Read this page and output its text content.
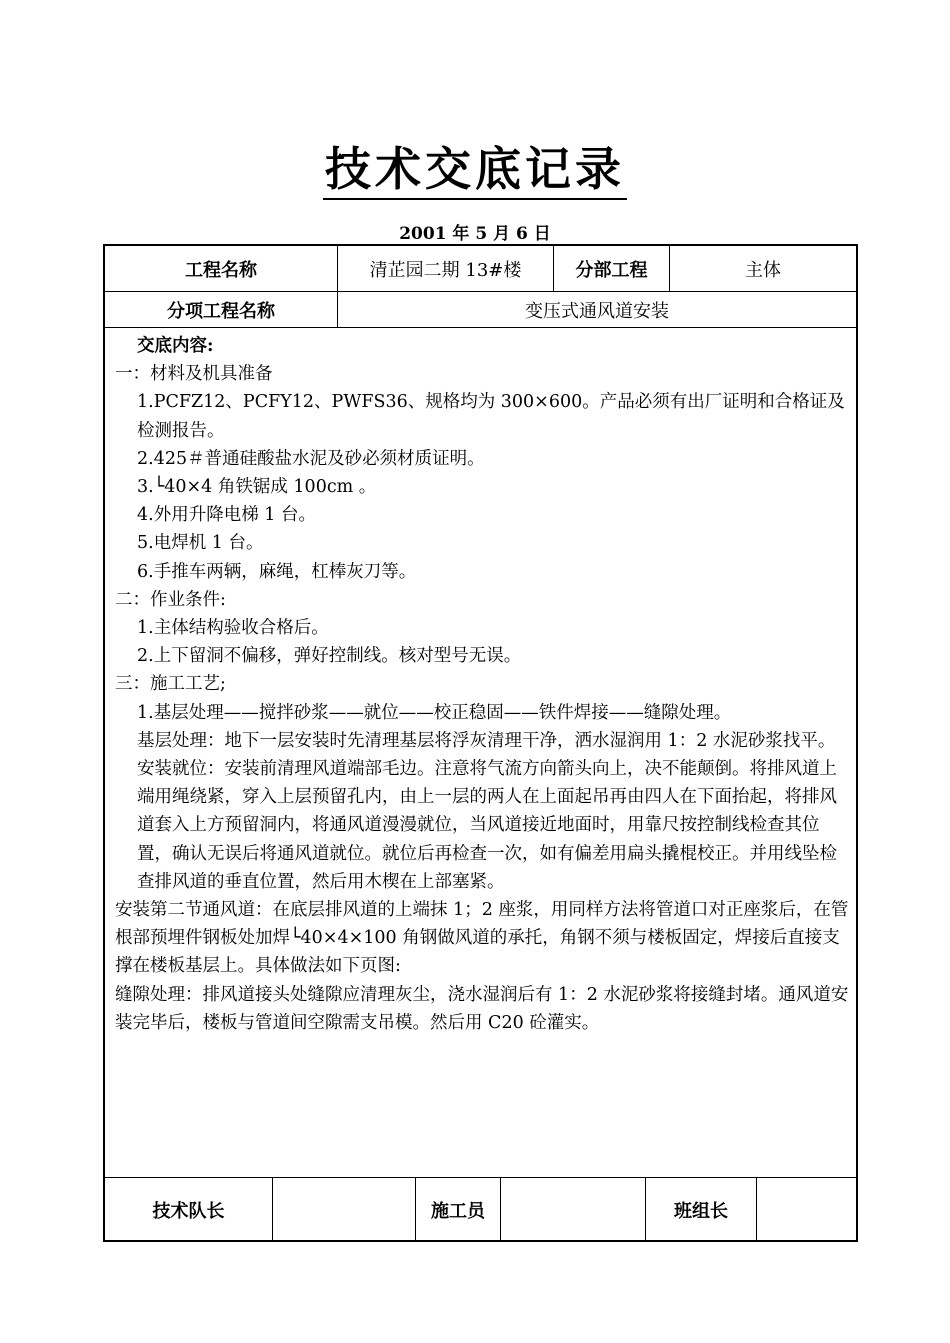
技术交底记录
2001 年 5 月 6 日
工程名称	清芷园二期 13#楼	分部工程	主体
分项工程名称	变压式通风道安装

交底内容:

一：材料及机具准备

1.PCFZ12、PCFY12、PWFS36、规格均为 300×600。产品必须有出厂证明和合格证及检测报告。

2.425＃普通硅酸盐水泥及砂必须材质证明。

3.└40×4 角铁锯成 100cm 。

4.外用升降电梯 1 台。

5.电焊机 1 台。

6.手推车两辆，麻绳，杠棒灰刀等。

二：作业条件:

1.主体结构验收合格后。

2.上下留洞不偏移，弹好控制线。核对型号无误。

三：施工工艺;

1.基层处理——搅拌砂浆——就位——校正稳固——铁件焊接——缝隙处理。

基层处理：地下一层安装时先清理基层将浮灰清理干净，洒水湿润用 1：2 水泥砂浆找平。

安装就位：安装前清理风道端部毛边。注意将气流方向箭头向上，决不能颠倒。将排风道上端用绳绕紧，穿入上层预留孔内，由上一层的两人在上面起吊再由四人在下面抬起，将排风道套入上方预留洞内，将通风道漫漫就位，当风道接近地面时，用靠尺按控制线检查其位置，确认无误后将通风道就位。就位后再检查一次，如有偏差用扁头撬棍校正。并用线坠检查排风道的垂直位置，然后用木楔在上部塞紧。

安装第二节通风道：在底层排风道的上端抹 1；2 座浆，用同样方法将管道口对正座浆后，在管根部预埋件钢板处加焊└40×4×100 角钢做风道的承托，角钢不须与楼板固定，焊接后直接支撑在楼板基层上。具体做法如下页图:

缝隙处理：排风道接头处缝隙应清理灰尘，浇水湿润后有 1：2 水泥砂浆将接缝封堵。通风道安装完毕后，楼板与管道间空隙需支吊模。然后用 C20 砼灌实。

技术队长	施工员	班组长
